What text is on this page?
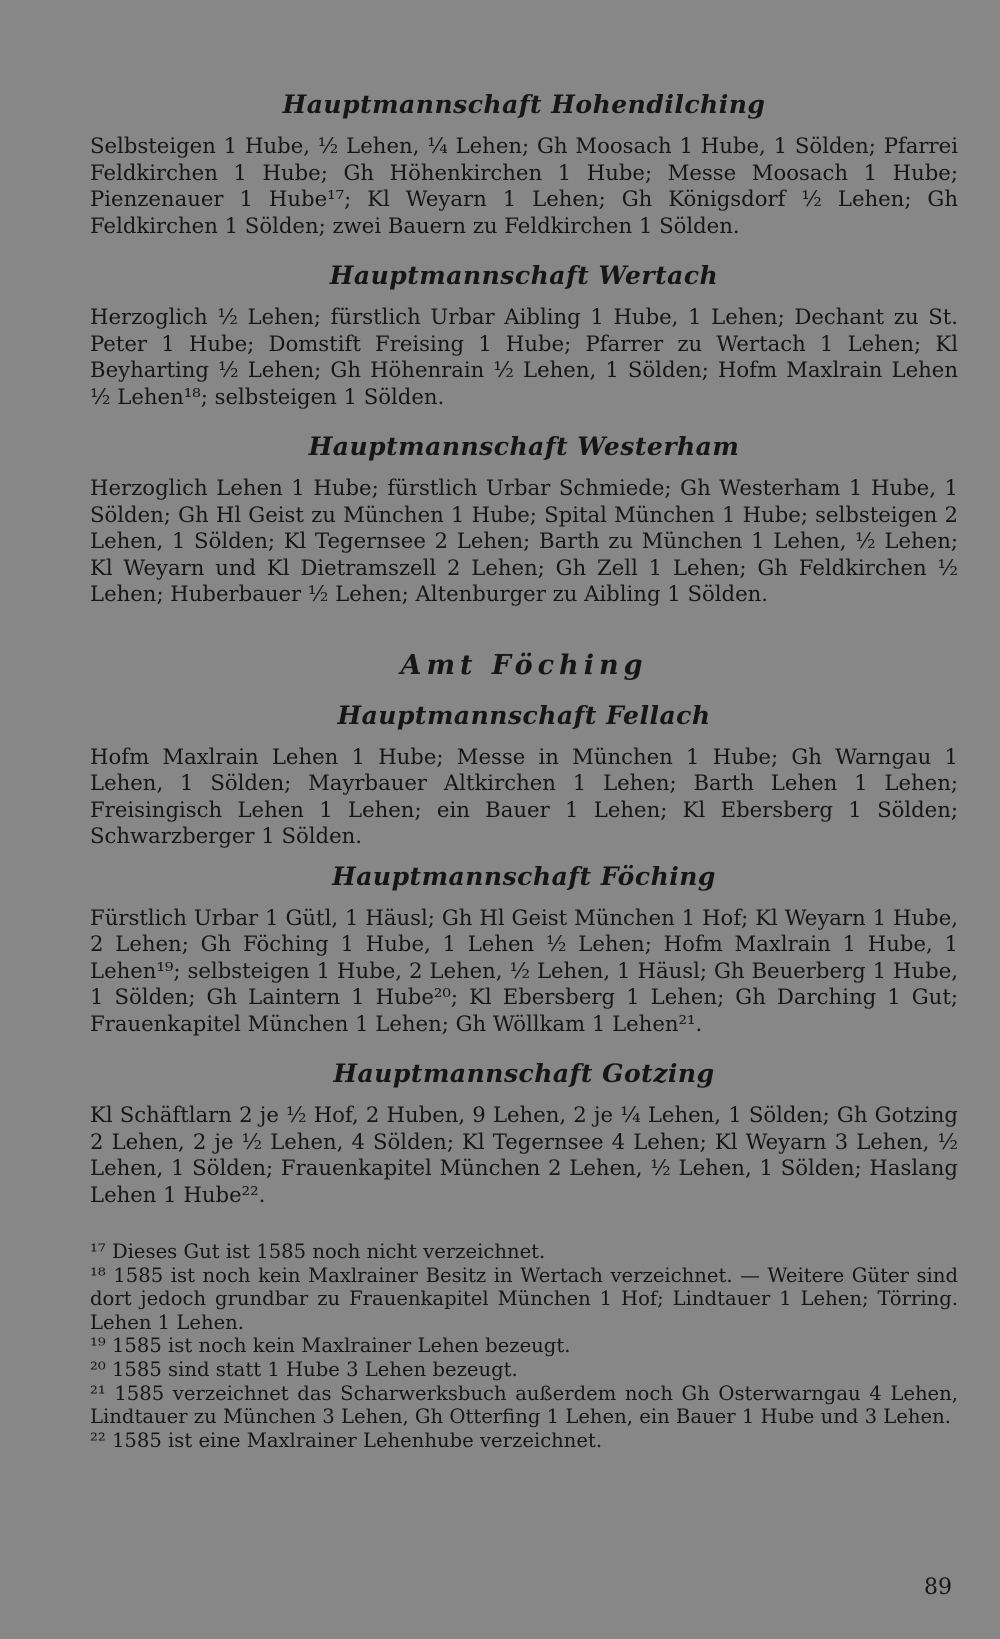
Hauptmannschaft Hohendilching

Selbsteigen 1 Hube, ½ Lehen, ¼ Lehen; Gh Moosach 1 Hube, 1 Sölden; Pfarrei Feldkirchen 1 Hube; Gh Höhenkirchen 1 Hube; Messe Moosach 1 Hube; Pienzenauer 1 Hube¹⁷; Kl Weyarn 1 Lehen; Gh Königsdorf ½ Lehen; Gh Feldkirchen 1 Sölden; zwei Bauern zu Feldkirchen 1 Sölden.

Hauptmannschaft Wertach

Herzoglich ½ Lehen; fürstlich Urbar Aibling 1 Hube, 1 Lehen; Dechant zu St. Peter 1 Hube; Domstift Freising 1 Hube; Pfarrer zu Wertach 1 Lehen; Kl Beyharting ½ Lehen; Gh Höhenrain ½ Lehen, 1 Sölden; Hofm Maxlrain Lehen ½ Lehen¹⁸; selbsteigen 1 Sölden.

Hauptmannschaft Westerham

Herzoglich Lehen 1 Hube; fürstlich Urbar Schmiede; Gh Westerham 1 Hube, 1 Sölden; Gh Hl Geist zu München 1 Hube; Spital München 1 Hube; selbsteigen 2 Lehen, 1 Sölden; Kl Tegernsee 2 Lehen; Barth zu München 1 Lehen, ½ Lehen; Kl Weyarn und Kl Dietramszell 2 Lehen; Gh Zell 1 Lehen; Gh Feldkirchen ½ Lehen; Huberbauer ½ Lehen; Altenburger zu Aibling 1 Sölden.

Amt Föching
Hauptmannschaft Fellach

Hofm Maxlrain Lehen 1 Hube; Messe in München 1 Hube; Gh Warngau 1 Lehen, 1 Sölden; Mayrbauer Altkirchen 1 Lehen; Barth Lehen 1 Lehen; Freisingisch Lehen 1 Lehen; ein Bauer 1 Lehen; Kl Ebersberg 1 Sölden; Schwarzberger 1 Sölden.

Hauptmannschaft Föching

Fürstlich Urbar 1 Gütl, 1 Häusl; Gh Hl Geist München 1 Hof; Kl Weyarn 1 Hube, 2 Lehen; Gh Föching 1 Hube, 1 Lehen ½ Lehen; Hofm Maxlrain 1 Hube, 1 Lehen¹⁹; selbsteigen 1 Hube, 2 Lehen, ½ Lehen, 1 Häusl; Gh Beuerberg 1 Hube, 1 Sölden; Gh Laintern 1 Hube²⁰; Kl Ebersberg 1 Lehen; Gh Darching 1 Gut; Frauenkapitel München 1 Lehen; Gh Wöllkam 1 Lehen²¹.

Hauptmannschaft Gotzing

Kl Schäftlarn 2 je ½ Hof, 2 Huben, 9 Lehen, 2 je ¼ Lehen, 1 Sölden; Gh Gotzing 2 Lehen, 2 je ½ Lehen, 4 Sölden; Kl Tegernsee 4 Lehen; Kl Weyarn 3 Lehen, ½ Lehen, 1 Sölden; Frauenkapitel München 2 Lehen, ½ Lehen, 1 Sölden; Haslang Lehen 1 Hube²².

¹⁷ Dieses Gut ist 1585 noch nicht verzeichnet.

¹⁸ 1585 ist noch kein Maxlrainer Besitz in Wertach verzeichnet. — Weitere Güter sind dort jedoch grundbar zu Frauenkapitel München 1 Hof; Lindtauer 1 Lehen; Törring. Lehen 1 Lehen.

¹⁹ 1585 ist noch kein Maxlrainer Lehen bezeugt.

²⁰ 1585 sind statt 1 Hube 3 Lehen bezeugt.

²¹ 1585 verzeichnet das Scharwerksbuch außerdem noch Gh Osterwarngau 4 Lehen, Lindtauer zu München 3 Lehen, Gh Otterfing 1 Lehen, ein Bauer 1 Hube und 3 Lehen.

²² 1585 ist eine Maxlrainer Lehenhube verzeichnet.

89
